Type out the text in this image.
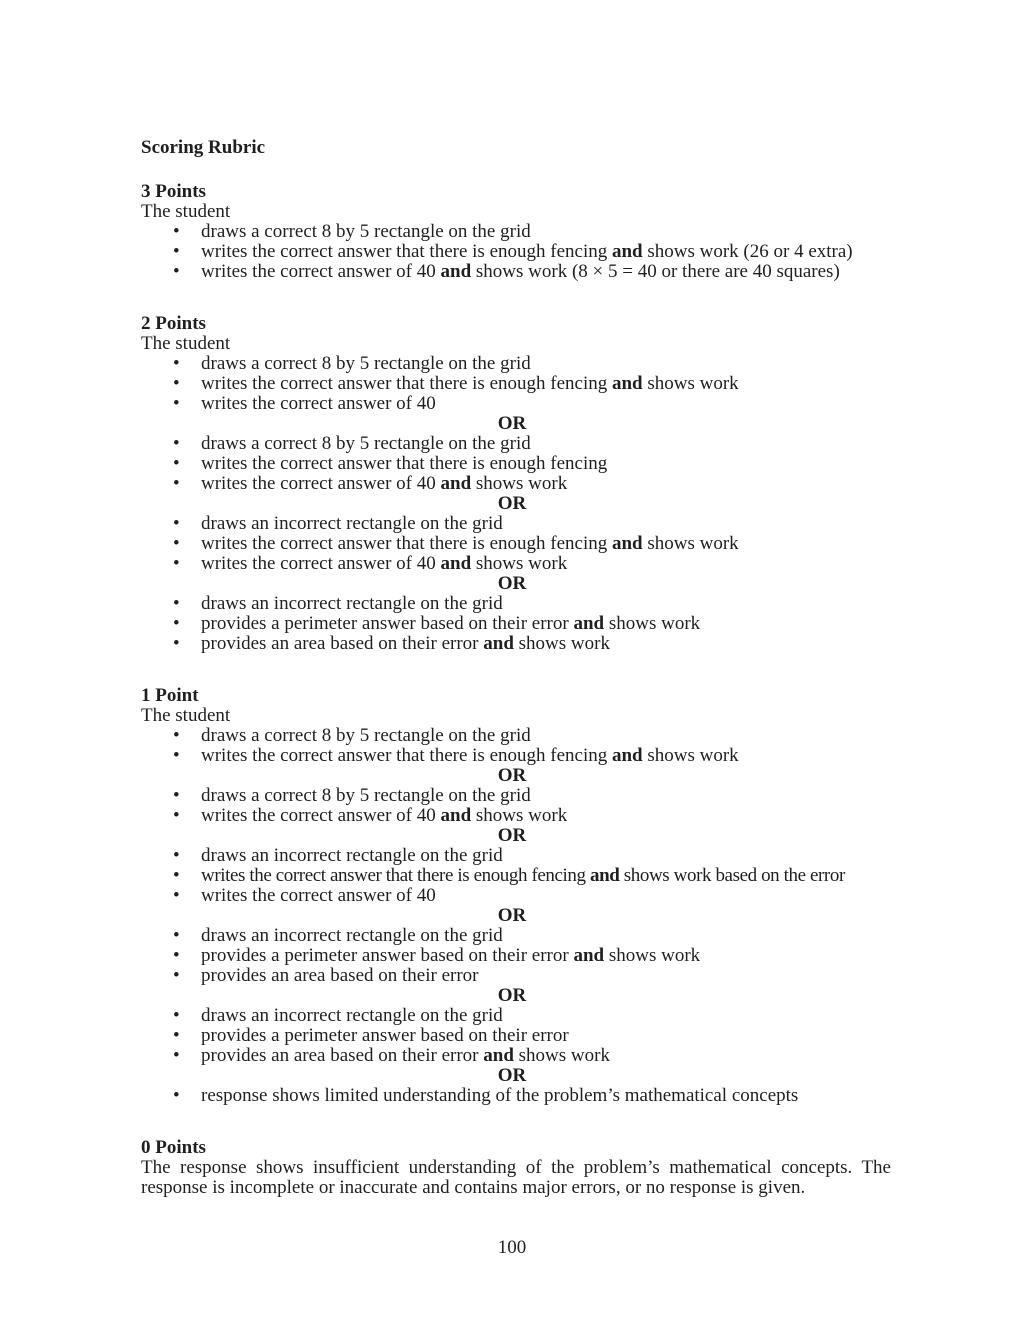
Scoring Rubric
3 Points
The student
• draws a correct 8 by 5 rectangle on the grid
• writes the correct answer that there is enough fencing and shows work (26 or 4 extra)
• writes the correct answer of 40 and shows work (8 × 5 = 40 or there are 40 squares)
2 Points
The student
• draws a correct 8 by 5 rectangle on the grid
• writes the correct answer that there is enough fencing and shows work
• writes the correct answer of 40
OR
• draws a correct 8 by 5 rectangle on the grid
• writes the correct answer that there is enough fencing
• writes the correct answer of 40 and shows work
OR
• draws an incorrect rectangle on the grid
• writes the correct answer that there is enough fencing and shows work
• writes the correct answer of 40 and shows work
OR
• draws an incorrect rectangle on the grid
• provides a perimeter answer based on their error and shows work
• provides an area based on their error and shows work
1 Point
The student
• draws a correct 8 by 5 rectangle on the grid
• writes the correct answer that there is enough fencing and shows work
OR
• draws a correct 8 by 5 rectangle on the grid
• writes the correct answer of 40 and shows work
OR
• draws an incorrect rectangle on the grid
• writes the correct answer that there is enough fencing and shows work based on the error
• writes the correct answer of 40
OR
• draws an incorrect rectangle on the grid
• provides a perimeter answer based on their error and shows work
• provides an area based on their error
OR
• draws an incorrect rectangle on the grid
• provides a perimeter answer based on their error
• provides an area based on their error and shows work
OR
• response shows limited understanding of the problem’s mathematical concepts
0 Points
The response shows insufficient understanding of the problem’s mathematical concepts. The response is incomplete or inaccurate and contains major errors, or no response is given.
100
